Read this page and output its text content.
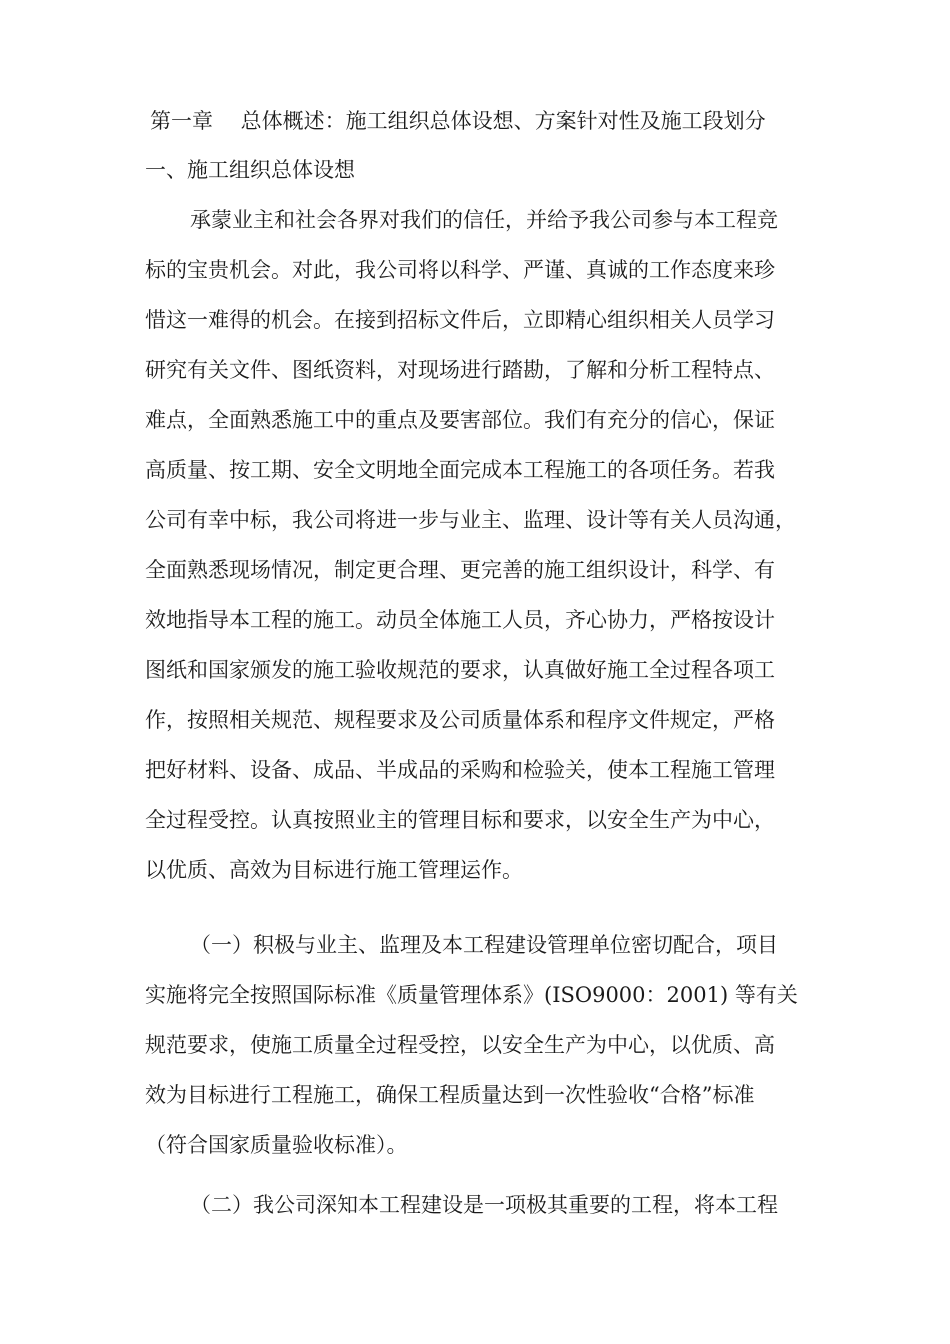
第一章　 总体概述：施工组织总体设想、方案针对性及施工段划分
一、施工组织总体设想
承蒙业主和社会各界对我们的信任，并给予我公司参与本工程竞
标的宝贵机会。对此，我公司将以科学、严谨、真诚的工作态度来珍
惜这一难得的机会。在接到招标文件后，立即精心组织相关人员学习
研究有关文件、图纸资料，对现场进行踏勘，了解和分析工程特点、
难点，全面熟悉施工中的重点及要害部位。我们有充分的信心，保证
高质量、按工期、安全文明地全面完成本工程施工的各项任务。若我
公司有幸中标，我公司将进一步与业主、监理、设计等有关人员沟通，
全面熟悉现场情况，制定更合理、更完善的施工组织设计，科学、有
效地指导本工程的施工。动员全体施工人员，齐心协力，严格按设计
图纸和国家颁发的施工验收规范的要求，认真做好施工全过程各项工
作，按照相关规范、规程要求及公司质量体系和程序文件规定，严格
把好材料、设备、成品、半成品的采购和检验关，使本工程施工管理
全过程受控。认真按照业主的管理目标和要求，以安全生产为中心，
以优质、高效为目标进行施工管理运作。
（一）积极与业主、监理及本工程建设管理单位密切配合，项目
实施将完全按照国际标准《质量管理体系》(ISO9000：2001) 等有关
规范要求，使施工质量全过程受控，以安全生产为中心，以优质、高
效为目标进行工程施工，确保工程质量达到一次性验收“合格”标准
（符合国家质量验收标准）。
（二）我公司深知本工程建设是一项极其重要的工程，将本工程
